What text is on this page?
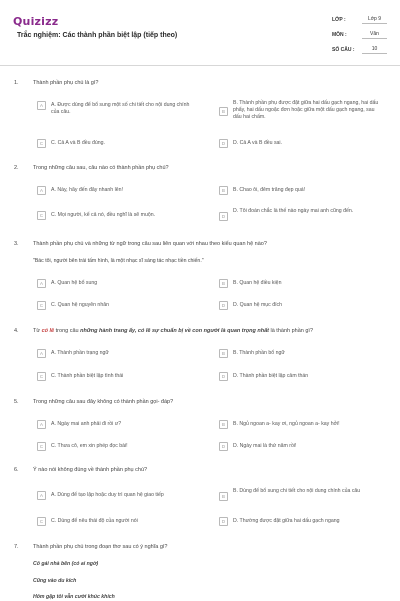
Quizizz
Trắc nghiệm: Các thành phần biệt lập (tiếp theo)
LỚP :	Lớp 9
MÔN :	Văn
SỐ CÂU :	10
1.	Thành phần phụ chú là gì?
A	A. Được dùng để bổ sung một số chi tiết cho nội dung chính của câu.	B
B. Thành phần phụ được đặt giữa hai dấu gạch ngang, hai dấu phẩy, hai dấu ngoặc đơn hoặc giữa một dấu gạch ngang, sau dấu hai chấm.
C	C. Cả A và B đều đúng.	D	D. Cả A và B đều sai.
2.	Trong những câu sau, câu nào có thành phần phụ chú?
A	A. Này, hãy đến đây nhanh lên!	B	B. Chao ôi, đêm trăng đẹp quá!
C	C. Mọi người, kể cả nó, đều nghĩ là sẽ muộn.	D
D. Tôi đoán chắc là thế nào ngày mai anh cũng đến.
3.	Thành phần phụ chú và những từ ngữ trong câu sau liên quan với nhau theo kiểu quan hệ nào?
"Bác tôi, người bên trái tấm hình, là một nhạc sĩ sáng tác nhạc tiền chiến."
A	A. Quan hệ bổ sung	B	B. Quan hệ điều kiện
C	C. Quan hệ nguyên nhân	D	D. Quan hệ mục đích
4.	Từ có lẽ trong câu những hành trang ấy, có lẽ sự chuẩn bị về con người là quan trọng nhất là thành phần gì?
A	A. Thành phần trạng ngữ	B	B. Thành phần bổ ngữ
C	C. Thành phần biệt lập tình thái	D	D. Thành phần biệt lập cảm thán
5.	Trong những câu sau đây không có thành phần gọi- đáp?
A	A. Ngày mai anh phải đi rồi ư?	B	B. Ngủ ngoan a- kay ơi, ngủ ngoan a- kay hởi!
C	C. Thưa cô, em xin phép đọc bài!	D	D. Ngày mai là thứ năm rồi!
6.	Ý nào nói không đúng về thành phần phụ chú?
A	A. Dùng để tạo lập hoặc duy trì quan hệ giao tiếp	B
B. Dùng để bổ sung chi tiết cho nội dung chính của câu
C	C. Dùng để nêu thái độ của người nói	D	D. Thường được đặt giữa hai dấu gạch ngang
7.	Thành phần phụ chú trong đoạn thơ sau có ý nghĩa gì?
Cô gái nhà bên (có ai ngờ)
Cũng vào du kích
Hôm gặp tôi vẫn cười khúc khích
